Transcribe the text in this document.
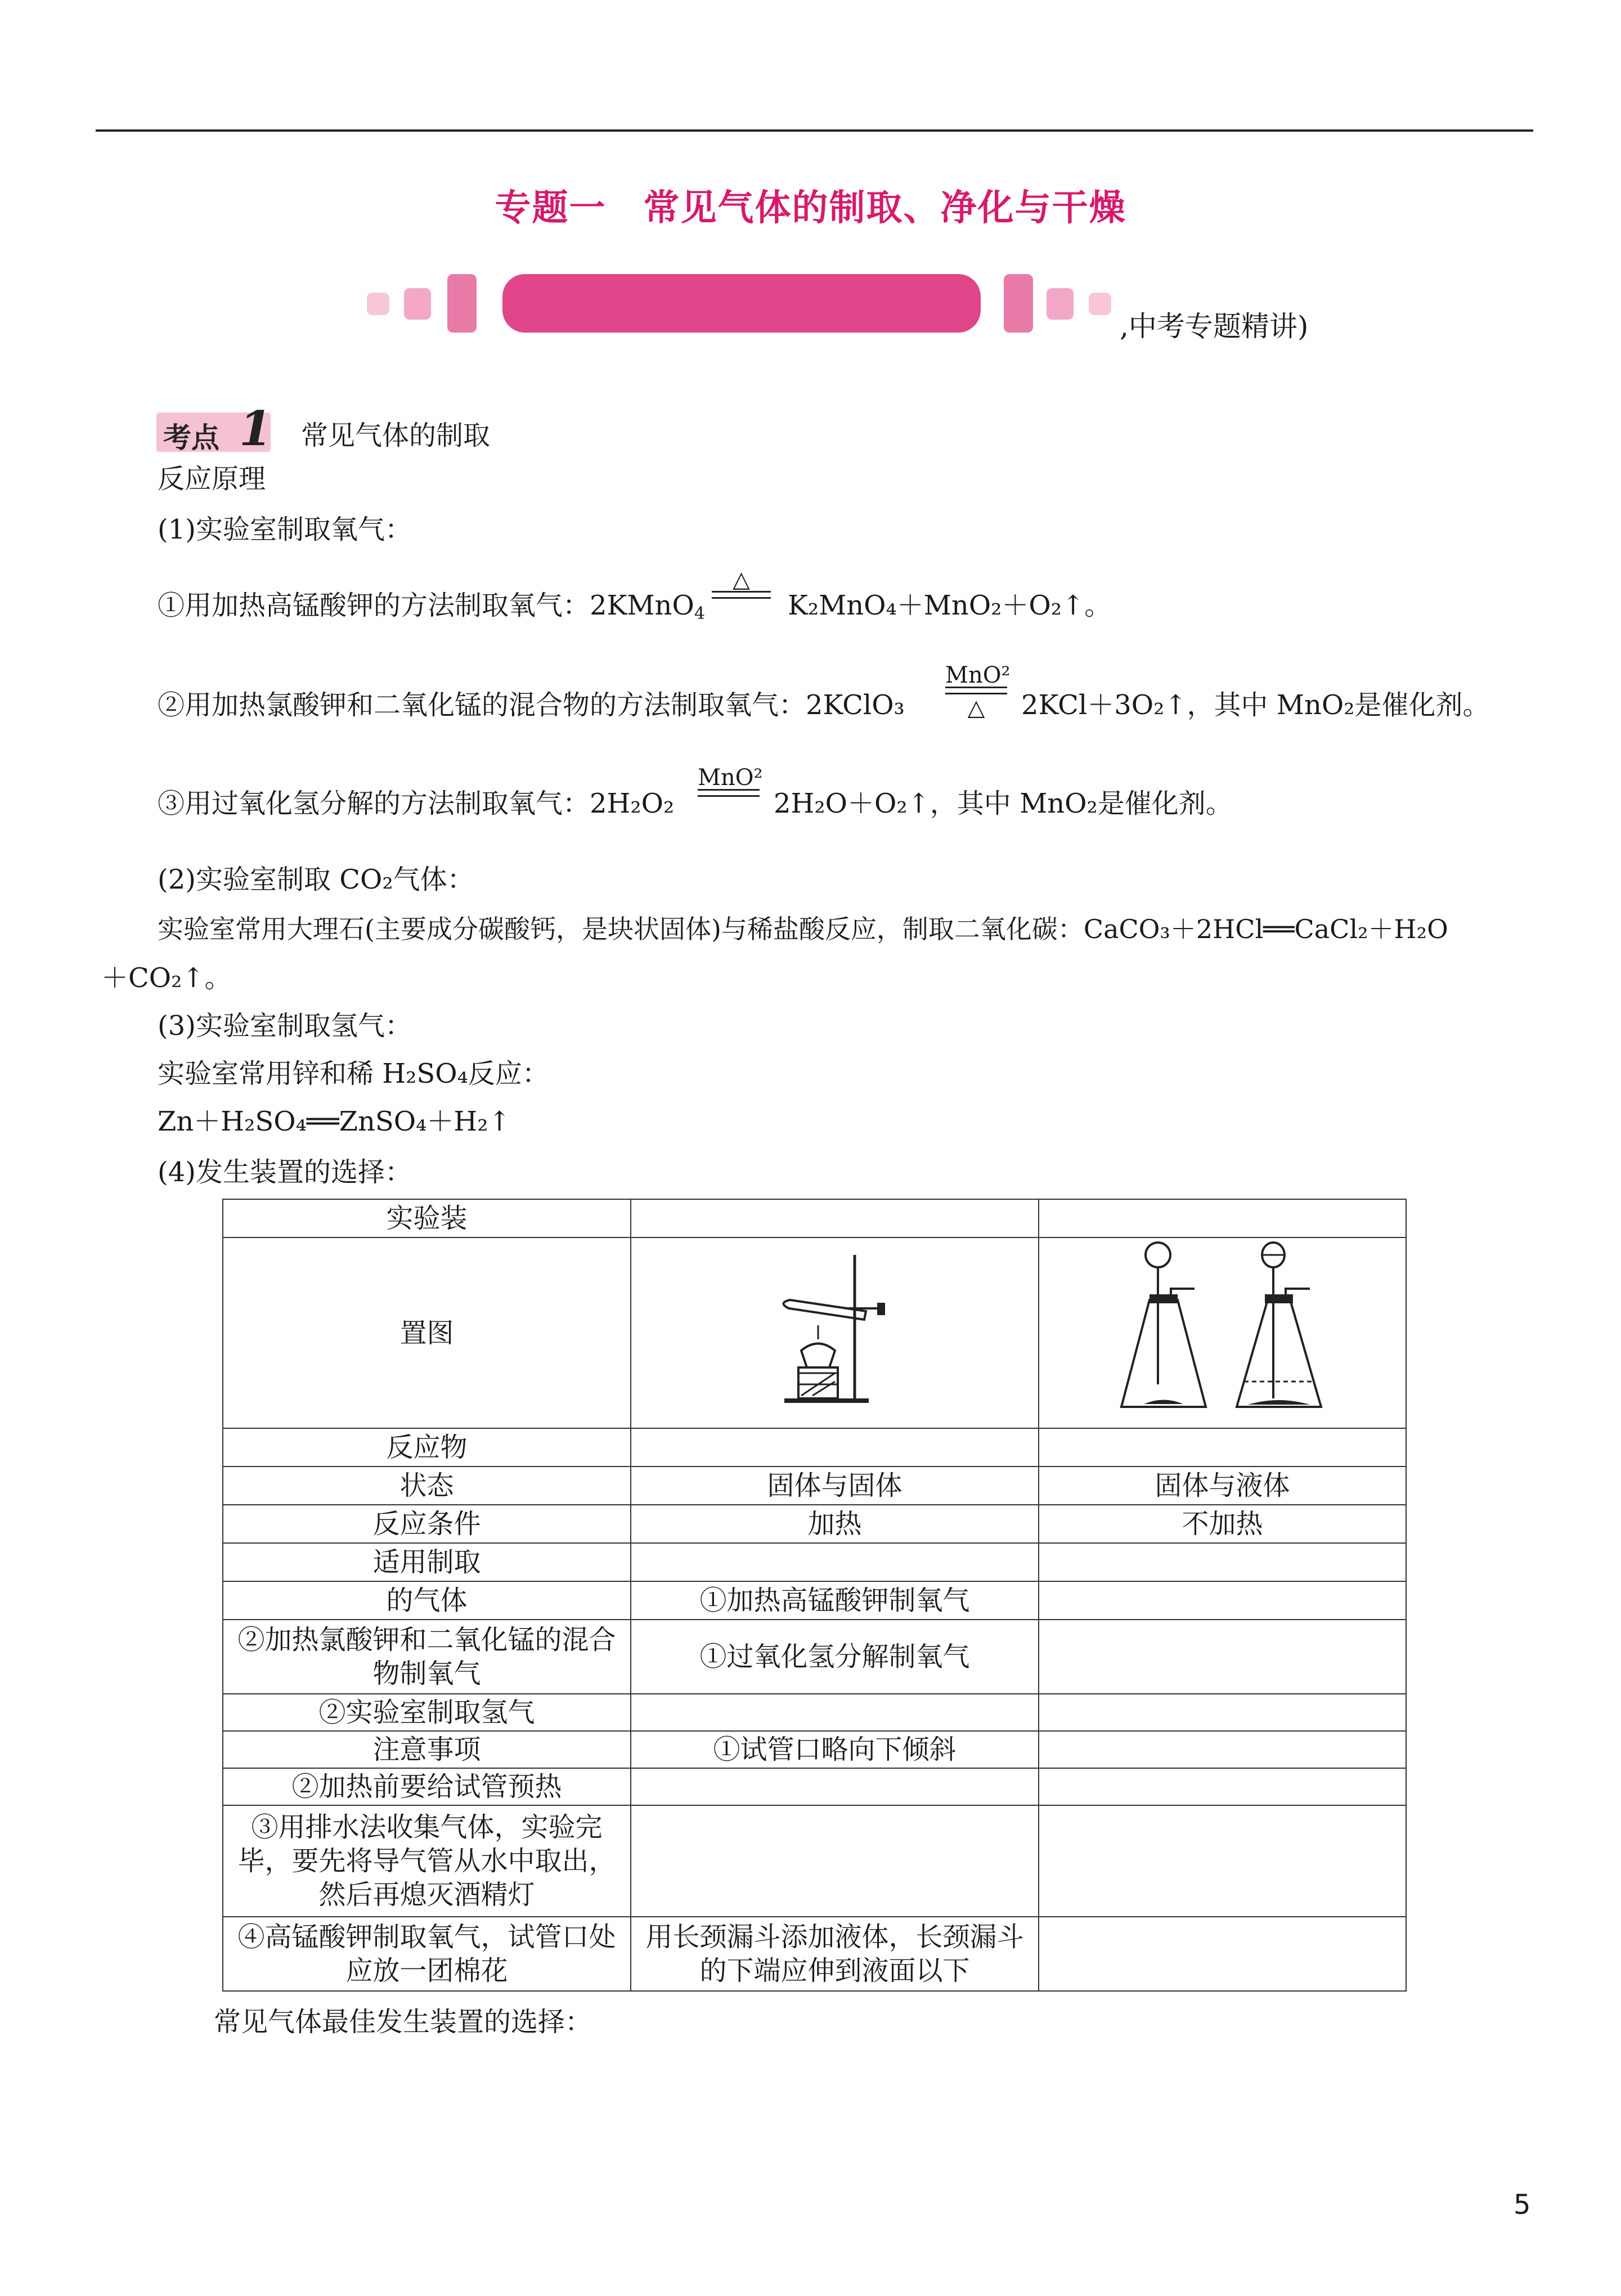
专题一　常见气体的制取、净化与干燥
,中考专题精讲)
考点 1 常见气体的制取
反应原理
(1)实验室制取氧气：
①用加热高锰酸钾的方法制取氧气：2KMnO$_4$
△
K₂MnO₄＋MnO₂＋O₂↑。
②用加热氯酸钾和二氧化锰的混合物的方法制取氧气：2KClO₃
MnO²
△	2KCl＋3O₂↑，其中 MnO₂是催化剂。
③用过氧化氢分解的方法制取氧气：2H₂O₂
MnO²
2H₂O＋O₂↑，其中 MnO₂是催化剂。
(2)实验室制取 CO₂气体：
实验室常用大理石(主要成分碳酸钙，是块状固体)与稀盐酸反应，制取二氧化碳：CaCO₃＋2HCl══CaCl₂＋H₂O
＋CO₂↑。
(3)实验室制取氢气：
实验室常用锌和稀 H₂SO₄反应：
Zn＋H₂SO₄══ZnSO₄＋H₂↑
(4)发生装置的选择：
实验装		
置图		
反应物		
状态	固体与固体	固体与液体
反应条件	加热	不加热
适用制取		
的气体	①加热高锰酸钾制氧气	
②加热氯酸钾和二氧化锰的混合物制氧气	①过氧化氢分解制氧气	
②实验室制取氢气		
注意事项	①试管口略向下倾斜	
②加热前要给试管预热		
③用排水法收集气体，实验完毕，要先将导气管从水中取出，然后再熄灭酒精灯		
④高锰酸钾制取氧气，试管口处应放一团棉花	用长颈漏斗添加液体，长颈漏斗的下端应伸到液面以下	
常见气体最佳发生装置的选择：
5
